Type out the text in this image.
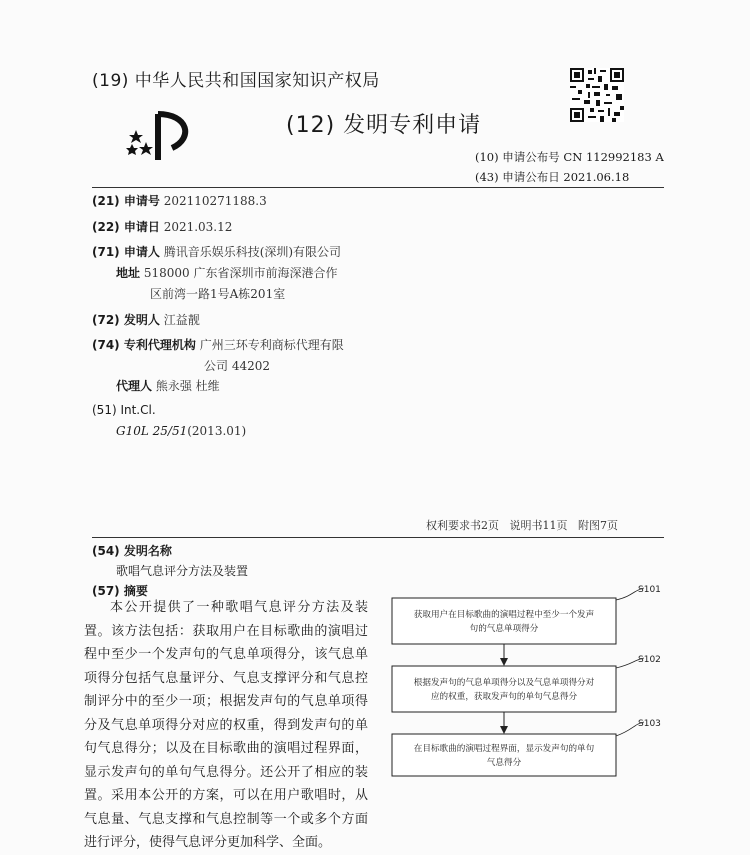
(19) 中华人民共和国国家知识产权局
(12) 发明专利申请
(10) 申请公布号 CN 112992183 A
(43) 申请公布日 2021.06.18
(21) 申请号 202110271188.3
(22) 申请日 2021.03.12
(71) 申请人 腾讯音乐娱乐科技(深圳)有限公司
地址 518000 广东省深圳市前海深港合作
区前湾一路1号A栋201室
(72) 发明人 江益靓
(74) 专利代理机构 广州三环专利商标代理有限
公司 44202
代理人 熊永强 杜维
(51) Int.Cl.
G10L 25/51(2013.01)
权利要求书2页 说明书11页 附图7页
(54) 发明名称
歌唱气息评分方法及装置
(57) 摘要
本公开提供了一种歌唱气息评分方法及装置。该方法包括：获取用户在目标歌曲的演唱过程中至少一个发声句的气息单项得分，该气息单项得分包括气息量评分、气息支撑评分和气息控制评分中的至少一项；根据发声句的气息单项得分及气息单项得分对应的权重，得到发声句的单句气息得分；以及在目标歌曲的演唱过程界面，显示发声句的单句气息得分。还公开了相应的装置。采用本公开的方案，可以在用户歌唱时，从气息量、气息支撑和气息控制等一个或多个方面进行评分，使得气息评分更加科学、全面。
获取用户在目标歌曲的演唱过程中至少一个发声
句的气息单项得分
S101
根据发声句的气息单项得分以及气息单项得分对
应的权重，获取发声句的单句气息得分
S102
在目标歌曲的演唱过程界面，显示发声句的单句
气息得分
S103
